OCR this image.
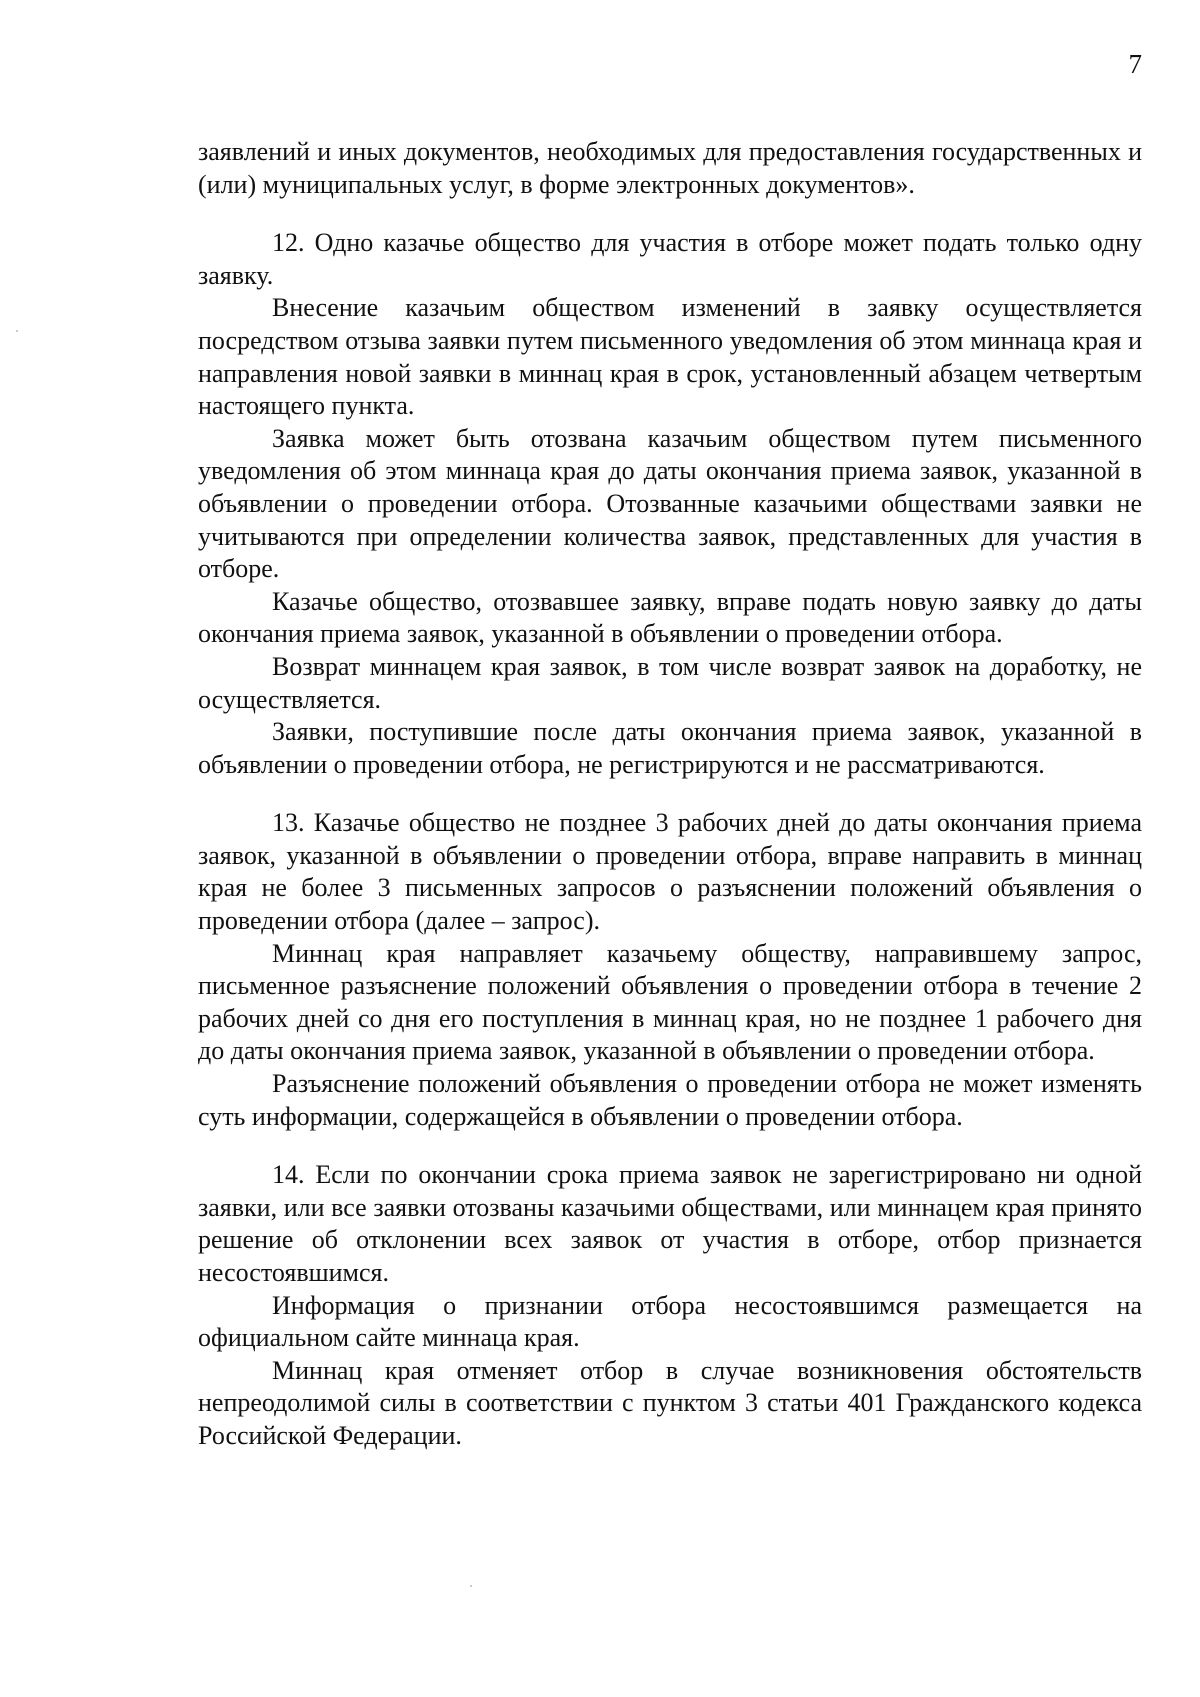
7

заявлений и иных документов, необходимых для предоставления государственных и (или) муниципальных услуг, в форме электронных документов».

12. Одно казачье общество для участия в отборе может подать только одну заявку.

Внесение казачьим обществом изменений в заявку осуществляется посредством отзыва заявки путем письменного уведомления об этом миннаца края и направления новой заявки в миннац края в срок, установленный абзацем четвертым настоящего пункта.

Заявка может быть отозвана казачьим обществом путем письменного уведомления об этом миннаца края до даты окончания приема заявок, указанной в объявлении о проведении отбора. Отозванные казачьими обществами заявки не учитываются при определении количества заявок, представленных для участия в отборе.

Казачье общество, отозвавшее заявку, вправе подать новую заявку до даты окончания приема заявок, указанной в объявлении о проведении отбора.

Возврат миннацем края заявок, в том числе возврат заявок на доработку, не осуществляется.

Заявки, поступившие после даты окончания приема заявок, указанной в объявлении о проведении отбора, не регистрируются и не рассматриваются.

13. Казачье общество не позднее 3 рабочих дней до даты окончания приема заявок, указанной в объявлении о проведении отбора, вправе направить в миннац края не более 3 письменных запросов о разъяснении положений объявления о проведении отбора (далее – запрос).

Миннац края направляет казачьему обществу, направившему запрос, письменное разъяснение положений объявления о проведении отбора в течение 2 рабочих дней со дня его поступления в миннац края, но не позднее 1 рабочего дня до даты окончания приема заявок, указанной в объявлении о проведении отбора.

Разъяснение положений объявления о проведении отбора не может изменять суть информации, содержащейся в объявлении о проведении отбора.

14. Если по окончании срока приема заявок не зарегистрировано ни одной заявки, или все заявки отозваны казачьими обществами, или миннацем края принято решение об отклонении всех заявок от участия в отборе, отбор признается несостоявшимся.

Информация о признании отбора несостоявшимся размещается на официальном сайте миннаца края.

Миннац края отменяет отбор в случае возникновения обстоятельств непреодолимой силы в соответствии с пунктом 3 статьи 401 Гражданского кодекса Российской Федерации.
